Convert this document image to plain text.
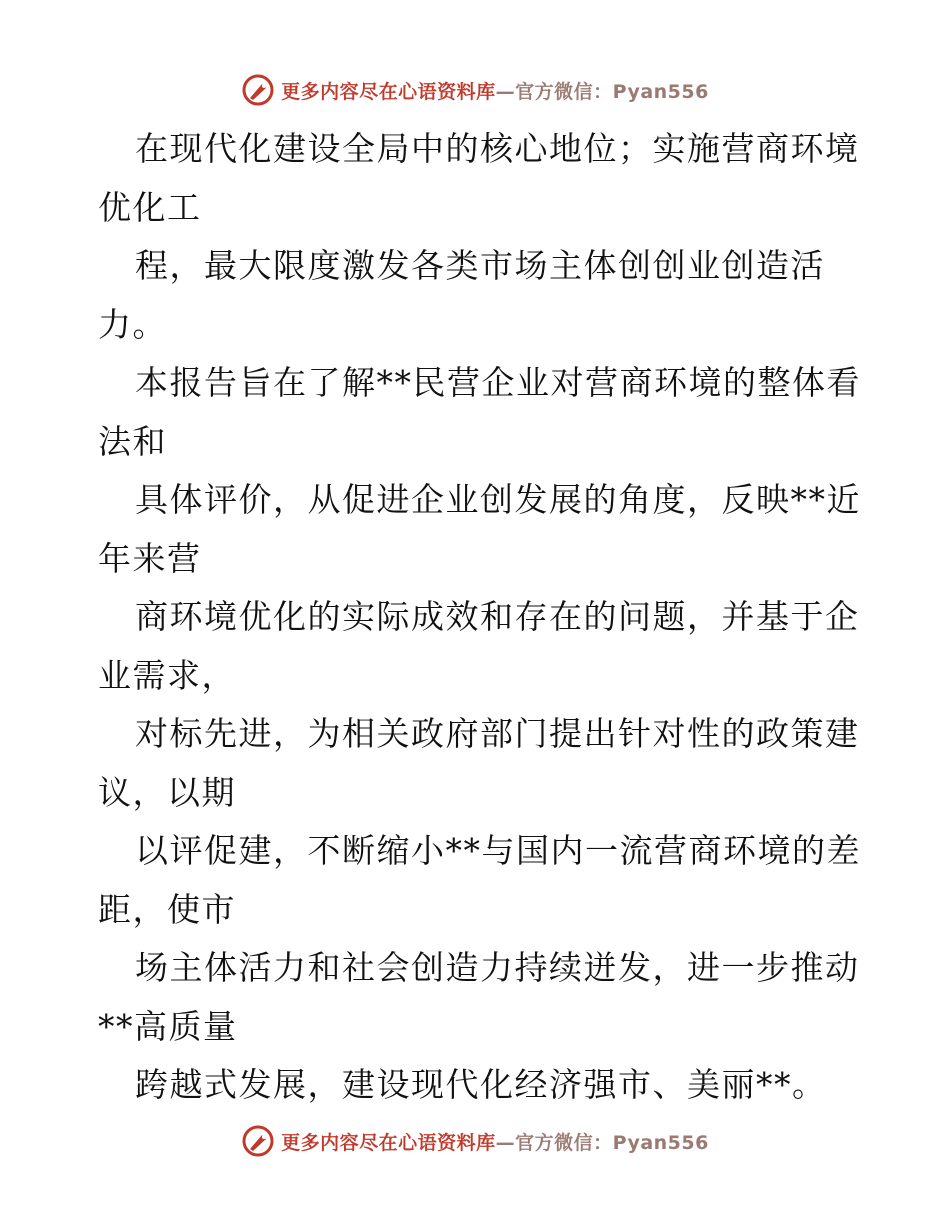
更多内容尽在心语资料库—官方微信：Pyan556
在现代化建设全局中的核心地位；实施营商环境
优化工
程，最大限度激发各类市场主体创创业创造活
力。
本报告旨在了解**民营企业对营商环境的整体看
法和
具体评价，从促进企业创发展的角度，反映**近
年来营
商环境优化的实际成效和存在的问题，并基于企
业需求，
对标先进，为相关政府部门提出针对性的政策建
议，以期
以评促建，不断缩小**与国内一流营商环境的差
距，使市
场主体活力和社会创造力持续迸发，进一步推动
**高质量
跨越式发展，建设现代化经济强市、美丽**。
更多内容尽在心语资料库—官方微信：Pyan556
